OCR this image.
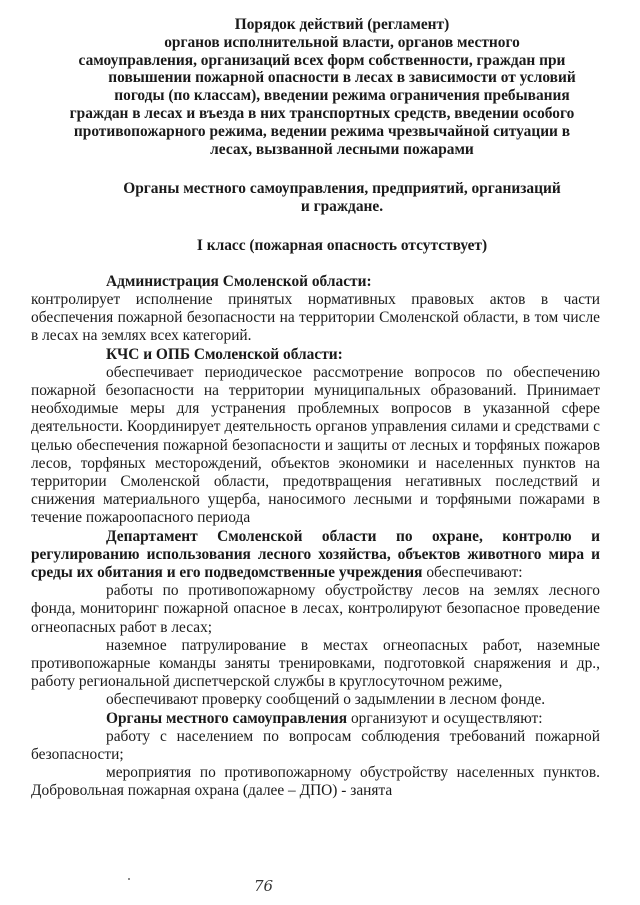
Порядок действий (регламент)
органов исполнительной власти, органов местного
самоуправления, организаций всех форм собственности, граждан при
повышении пожарной опасности в лесах в зависимости от условий
погоды (по классам), введении режима ограничения пребывания
граждан в лесах и въезда в них транспортных средств, введении особого
противопожарного режима, ведении режима чрезвычайной ситуации в
лесах, вызванной лесными пожарами
Органы местного самоуправления, предприятий, организаций
и граждане.
I класс (пожарная опасность отсутствует)

Администрация Смоленской области:

контролирует исполнение принятых нормативных правовых актов в части обеспечения пожарной безопасности на территории Смоленской области, в том числе в лесах на землях всех категорий.

КЧС и ОПБ Смоленской области:

обеспечивает периодическое рассмотрение вопросов по обеспечению пожарной безопасности на территории муниципальных образований. Принимает необходимые меры для устранения проблемных вопросов в указанной сфере деятельности. Координирует деятельность органов управления силами и средствами с целью обеспечения пожарной безопасности и защиты от лесных и торфяных пожаров лесов, торфяных месторождений, объектов экономики и населенных пунктов на территории Смоленской области, предотвращения негативных последствий и снижения материального ущерба, наносимого лесными и торфяными пожарами в течение пожароопасного периода

Департамент Смоленской области по охране, контролю и регулированию использования лесного хозяйства, объектов животного мира и среды их обитания и его подведомственные учреждения обеспечивают:

работы по противопожарному обустройству лесов на землях лесного фонда, мониторинг пожарной опасное в лесах, контролируют безопасное проведение огнеопасных работ в лесах;

наземное патрулирование в местах огнеопасных работ, наземные противопожарные команды заняты тренировками, подготовкой снаряжения и др., работу региональной диспетчерской службы в круглосуточном режиме,

обеспечивают проверку сообщений о задымлении в лесном фонде.

Органы местного самоуправления организуют и осуществляют:

работу с населением по вопросам соблюдения требований пожарной безопасности;

мероприятия по противопожарному обустройству населенных пунктов. Добровольная пожарная охрана (далее – ДПО) - занята

76
